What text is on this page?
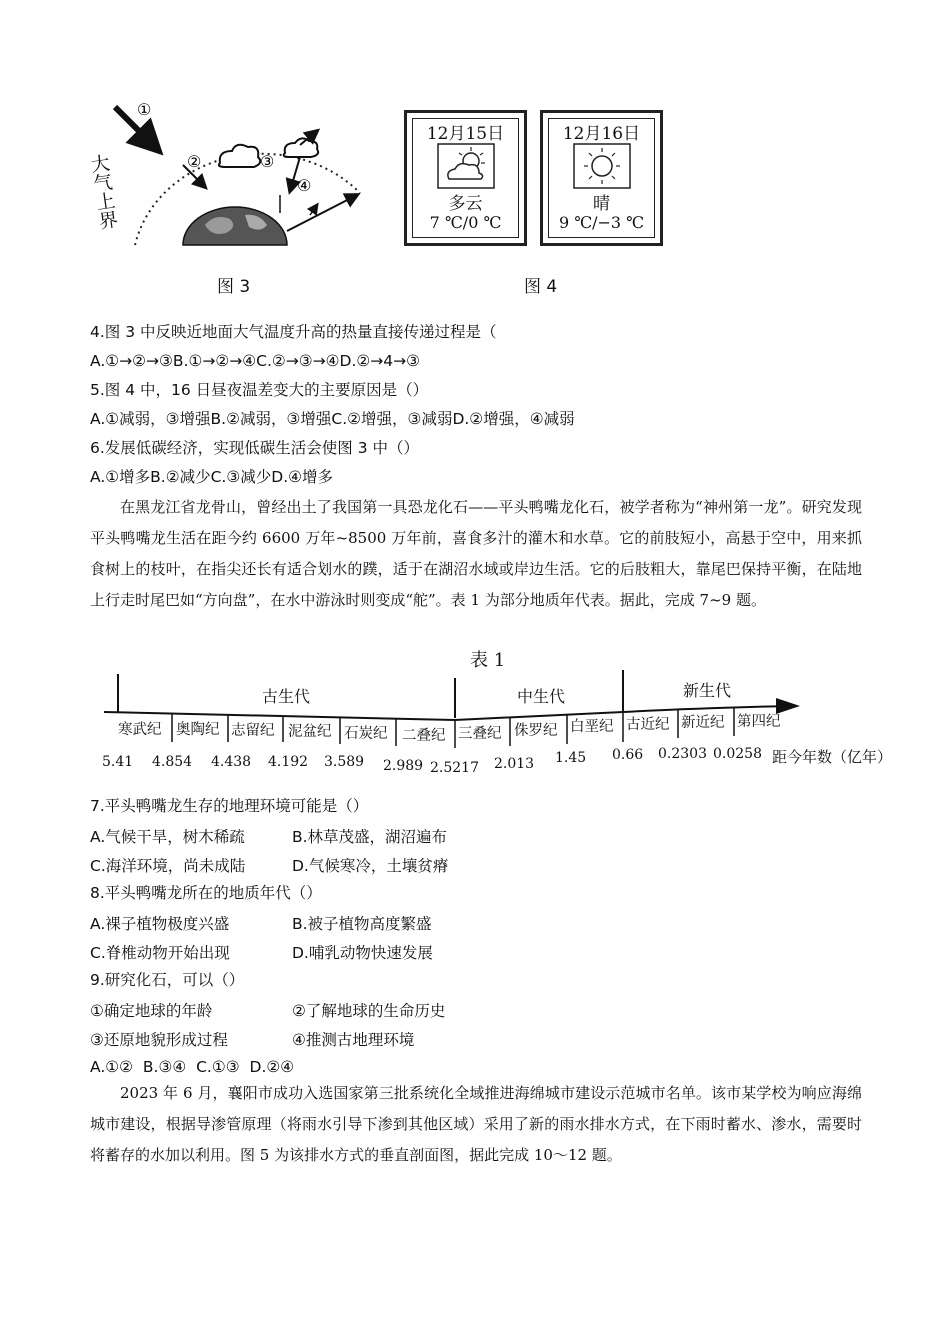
①
②	③
④
大气上界
图 3
12月15日
多云
7 ℃/0 ℃
12月16日
晴
9 ℃/−3 ℃
图 4
4.图 3 中反映近地面大气温度升高的热量直接传递过程是（
A.①→②→③B.①→②→④C.②→③→④D.②→4→③
5.图 4 中，16 日昼夜温差变大的主要原因是（）
A.①减弱，③增强B.②减弱，③增强C.②增强，③减弱D.②增强，④减弱
6.发展低碳经济，实现低碳生活会使图 3 中（）
A.①增多B.②减少C.③减少D.④增多
在黑龙江省龙骨山，曾经出土了我国第一具恐龙化石——平头鸭嘴龙化石，被学者称为“神州第一龙”。研究发现平头鸭嘴龙生活在距今约 6600 万年~8500 万年前，喜食多汁的灌木和水草。它的前肢短小，高悬于空中，用来抓食树上的枝叶，在指尖还长有适合划水的蹼，适于在湖沼水域或岸边生活。它的后肢粗大，靠尾巴保持平衡，在陆地上行走时尾巴如“方向盘”，在水中游泳时则变成“舵”。表 1 为部分地质年代表。据此，完成 7~9 题。
表 1
古生代	中生代	新生代
寒武纪 奥陶纪 志留纪 泥盆纪 石炭纪 二叠纪 三叠纪 侏罗纪 白垩纪 古近纪 新近纪 第四纪
5.41 4.854 4.438 4.192 3.589 2.989 2.5217 2.013 1.45 0.66 0.2303 0.0258 距今年数（亿年）
7.平头鸭嘴龙生存的地理环境可能是（）
A.气候干旱，树木稀疏	B.林草茂盛，湖沼遍布
C.海洋环境，尚未成陆	D.气候寒冷，土壤贫瘠
8.平头鸭嘴龙所在的地质年代（）
A.裸子植物极度兴盛	B.被子植物高度繁盛
C.脊椎动物开始出现	D.哺乳动物快速发展
9.研究化石，可以（）
①确定地球的年龄	②了解地球的生命历史
③还原地貌形成过程	④推测古地理环境
A.①②  B.③④  C.①③  D.②④
2023 年 6 月，襄阳市成功入选国家第三批系统化全域推进海绵城市建设示范城市名单。该市某学校为响应海绵城市建设，根据导渗管原理（将雨水引导下渗到其他区域）采用了新的雨水排水方式，在下雨时蓄水、渗水，需要时将蓄存的水加以利用。图 5 为该排水方式的垂直剖面图，据此完成 10～12 题。
